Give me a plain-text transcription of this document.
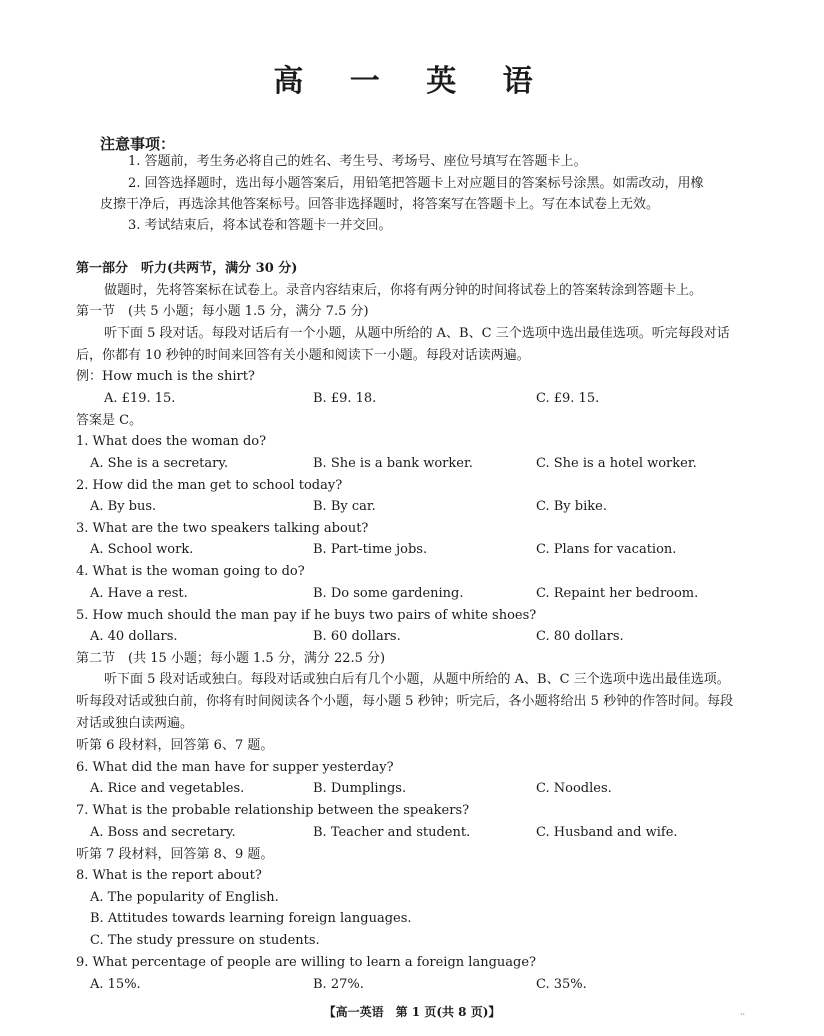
高 一 英 语
注意事项：
1. 答题前，考生务必将自己的姓名、考生号、考场号、座位号填写在答题卡上。
2. 回答选择题时，选出每小题答案后，用铅笔把答题卡上对应题目的答案标号涂黑。如需改动，用橡
皮擦干净后，再选涂其他答案标号。回答非选择题时，将答案写在答题卡上。写在本试卷上无效。
3. 考试结束后，将本试卷和答题卡一并交回。
第一部分　听力(共两节，满分 30 分)
做题时，先将答案标在试卷上。录音内容结束后，你将有两分钟的时间将试卷上的答案转涂到答题卡上。
第一节　(共 5 小题；每小题 1.5 分，满分 7.5 分)
听下面 5 段对话。每段对话后有一个小题，从题中所给的 A、B、C 三个选项中选出最佳选项。听完每段对话
后，你都有 10 秒钟的时间来回答有关小题和阅读下一小题。每段对话读两遍。
例：How much is the shirt?
A. £19. 15.	B. £9. 18.	C. £9. 15.
答案是 C。
1. What does the woman do?
A. She is a secretary.	B. She is a bank worker.	C. She is a hotel worker.
2. How did the man get to school today?
A. By bus.	B. By car.	C. By bike.
3. What are the two speakers talking about?
A. School work.	B. Part-time jobs.	C. Plans for vacation.
4. What is the woman going to do?
A. Have a rest.	B. Do some gardening.	C. Repaint her bedroom.
5. How much should the man pay if he buys two pairs of white shoes?
A. 40 dollars.	B. 60 dollars.	C. 80 dollars.
第二节　(共 15 小题；每小题 1.5 分，满分 22.5 分)
听下面 5 段对话或独白。每段对话或独白后有几个小题，从题中所给的 A、B、C 三个选项中选出最佳选项。
听每段对话或独白前，你将有时间阅读各个小题，每小题 5 秒钟；听完后，各小题将给出 5 秒钟的作答时间。每段
对话或独白读两遍。
听第 6 段材料，回答第 6、7 题。
6. What did the man have for supper yesterday?
A. Rice and vegetables.	B. Dumplings.	C. Noodles.
7. What is the probable relationship between the speakers?
A. Boss and secretary.	B. Teacher and student.	C. Husband and wife.
听第 7 段材料，回答第 8、9 题。
8. What is the report about?
A. The popularity of English.
B. Attitudes towards learning foreign languages.
C. The study pressure on students.
9. What percentage of people are willing to learn a foreign language?
A. 15%.	B. 27%.	C. 35%.
【高一英语　第 1 页(共 8 页)】	··
